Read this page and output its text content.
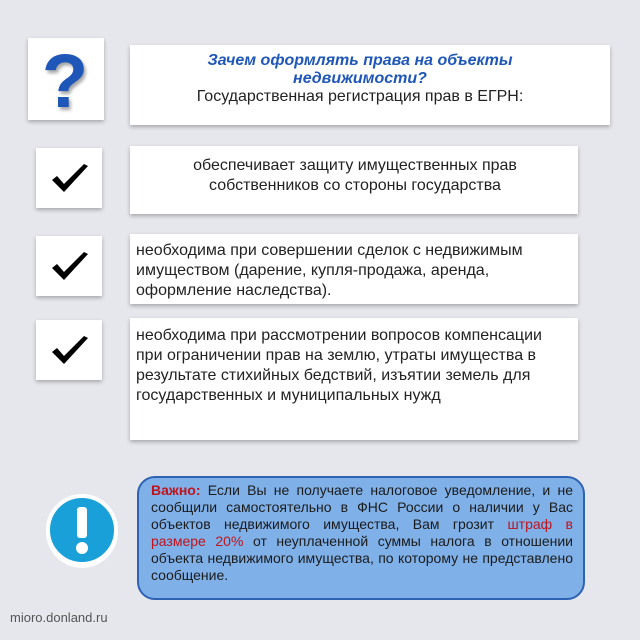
?	Зачем оформлять права на объекты недвижимости?
Государственная регистрация прав в ЕГРН:
обеспечивает защиту имущественных прав собственников со стороны государства
необходима при совершении сделок с недвижимым имуществом (дарение, купля-продажа, аренда, оформление наследства).
необходима при рассмотрении вопросов компенсации при ограничении прав на землю, утраты имущества в результате стихийных бедствий, изъятии земель для государственных и муниципальных нужд
Важно: Если Вы не получаете налоговое уведомление, и не сообщили самостоятельно в ФНС России о наличии у Вас объектов недвижимого имущества, Вам грозит штраф в размере 20% от неуплаченной суммы налога в отношении объекта недвижимого имущества, по которому не представлено сообщение.
mioro.donland.ru
